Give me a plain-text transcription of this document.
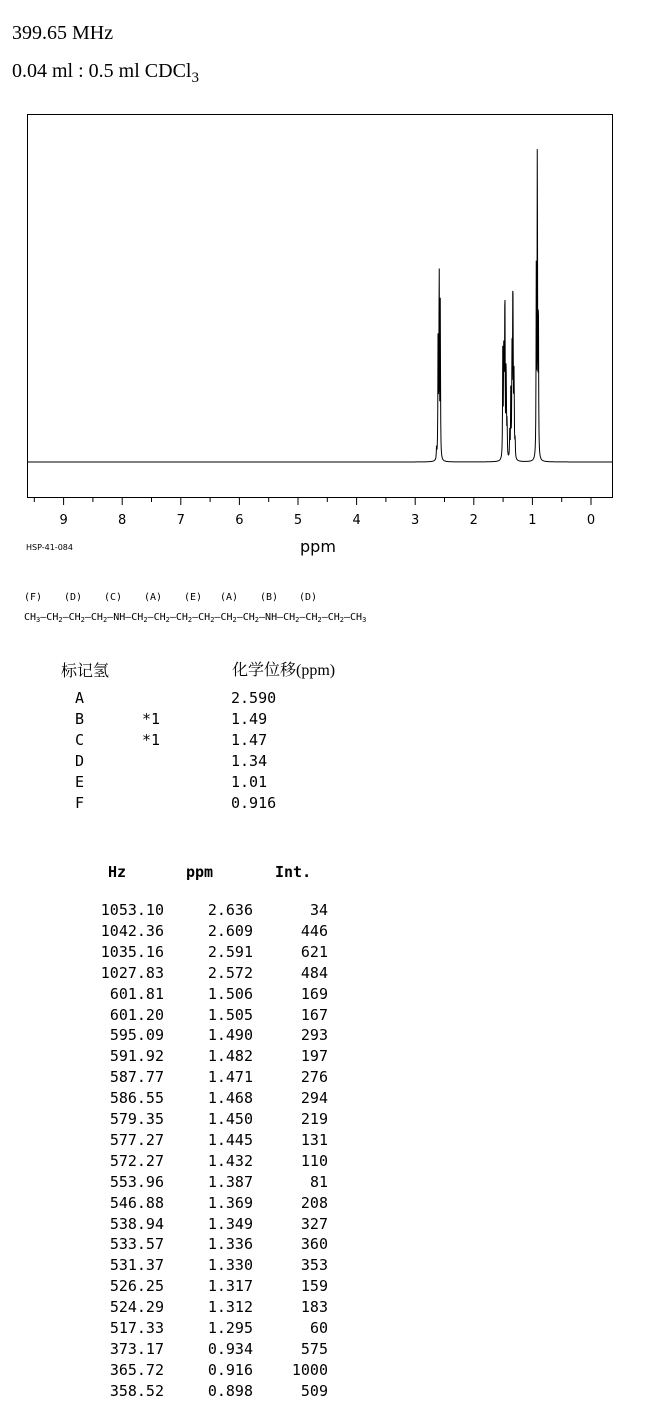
399.65 MHz
0.04 ml : 0.5 ml CDCl$_3$
9	8	7	6	5	4	3	2	1	0
HSP-41-084	ppm
(F) (D) (C) (A) (E) (A) (B) (D)
$CH_3—CH_2—CH_2—CH_2—NH—CH_2—CH_2—CH_2—CH_2—CH_2—CH_2—NH—CH_2—CH_2—CH_2—CH_3$
标记氢	化学位移(ppm)
A	2.590
B	*1	1.49
C	*1	1.47
D	1.34
E	1.01
F	0.916
Hz	ppm	Int.
1053.10	2.636	34
1042.36	2.609	446
1035.16	2.591	621
1027.83	2.572	484
601.81	1.506	169
601.20	1.505	167
595.09	1.490	293
591.92	1.482	197
587.77	1.471	276
586.55	1.468	294
579.35	1.450	219
577.27	1.445	131
572.27	1.432	110
553.96	1.387	81
546.88	1.369	208
538.94	1.349	327
533.57	1.336	360
531.37	1.330	353
526.25	1.317	159
524.29	1.312	183
517.33	1.295	60
373.17	0.934	575
365.72	0.916	1000
358.52	0.898	509
